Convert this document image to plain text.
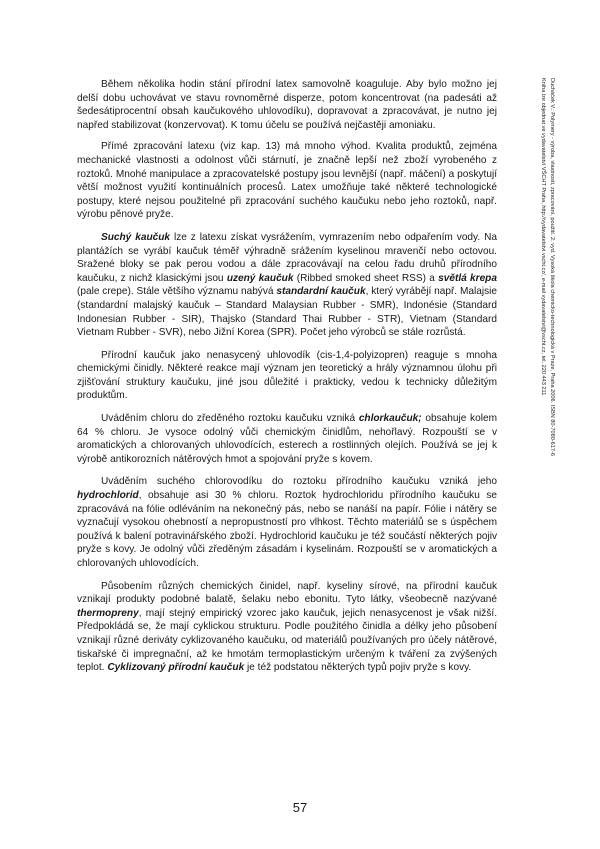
Během několika hodin stání přírodní latex samovolně koaguluje. Aby bylo možno jej delší dobu uchovávat ve stavu rovnoměrné disperze, potom koncentrovat (na padesáti až šedesátiprocentní obsah kaučukového uhlovodíku), dopravovat a zpracovávat, je nutno jej napřed stabilizovat (konzervovat). K tomu účelu se používá nejčastěji amoniaku.

Přímé zpracování latexu (viz kap. 13) má mnoho výhod. Kvalita produktů, zejména mechanické vlastnosti a odolnost vůči stárnutí, je značně lepší než zboží vyrobeného z roztoků. Mnohé manipulace a zpracovatelské postupy jsou levnější (např. máčení) a poskytují větší možnost využití kontinuálních procesů. Latex umožňuje také některé technologické postupy, které nejsou použitelné při zpracování suchého kaučuku nebo jeho roztoků, např. výrobu pěnové pryže.

Suchý kaučuk lze z latexu získat vysrážením, vymrazením nebo odpařením vody. Na plantážích se vyrábí kaučuk téměř výhradně srážením kyselinou mravenčí nebo octovou. Sražené bloky se pak perou vodou a dále zpracovávají na celou řadu druhů přírodního kaučuku, z nichž klasickými jsou uzený kaučuk (Ribbed smoked sheet RSS) a světlá krepa (pale crepe). Stále většího významu nabývá standardní kaučuk, který vyrábějí např. Malajsie (standardní malajský kaučuk – Standard Malaysian Rubber - SMR), Indonésie (Standard Indonesian Rubber - SIR), Thajsko (Standard Thai Rubber - STR), Vietnam (Standard Vietnam Rubber - SVR), nebo Jižní Korea (SPR). Počet jeho výrobců se stále rozrůstá.

Přírodní kaučuk jako nenasycený uhlovodík (cis-1,4-polyizopren) reaguje s mnoha chemickými činidly. Některé reakce mají význam jen teoretický a hrály významnou úlohu při zjišťování struktury kaučuku, jiné jsou důležité i prakticky, vedou k technicky důležitým produktům.

Uváděním chloru do zředěného roztoku kaučuku vzniká chlorkaučuk; obsahuje kolem 64 % chloru. Je vysoce odolný vůči chemickým činidlům, nehořlavý. Rozpouští se v aromatických a chlorovaných uhlovodících, esterech a rostlinných olejích. Používá se jej k výrobě antikorozních nátěrových hmot a spojování pryže s kovem.

Uváděním suchého chlorovodíku do roztoku přírodního kaučuku vzniká jeho hydrochlorid, obsahuje asi 30 % chloru. Roztok hydrochloridu přírodního kaučuku se zpracovává na fólie odléváním na nekonečný pás, nebo se nanáší na papír. Fólie i nátěry se vyznačují vysokou ohebností a nepropustností pro vlhkost. Těchto materiálů se s úspěchem používá k balení potravinářského zboží. Hydrochlorid kaučuku je též součástí některých pojiv pryže s kovy. Je odolný vůči zředěným zásadám i kyselinám. Rozpouští se v aromatických a chlorovaných uhlovodících.

Působením různých chemických činidel, např. kyseliny sírové, na přírodní kaučuk vznikají produkty podobné balatě, šelaku nebo ebonitu. Tyto látky, všeobecně nazývané thermopreny, mají stejný empirický vzorec jako kaučuk, jejich nenasycenost je však nižší. Předpokládá se, že mají cyklickou strukturu. Podle použitého činidla a délky jeho působení vznikají různé deriváty cyklizovaného kaučuku, od materiálů používaných pro účely nátěrové, tiskařské či impregnační, až ke hmotám termoplastickým určeným k tváření za zvýšených teplot. Cyklizovaný přírodní kaučuk je též podstatou některých typů pojiv pryže s kovy.

Ducháček V.: Polymery - výroba, vlastnosti, zpracování, použití. 2. vyd. Vysoká škola chemicko-technologická v Praze, Praha 2006. ISBN 80-7080-617-6
Kniha lze objednat ve vydavatelství VŠCHT Praha, http://vydavatelstvi.vscht.cz/, e-mail vydavatelstvi@vscht.cz, tel. 220 443 211
57
